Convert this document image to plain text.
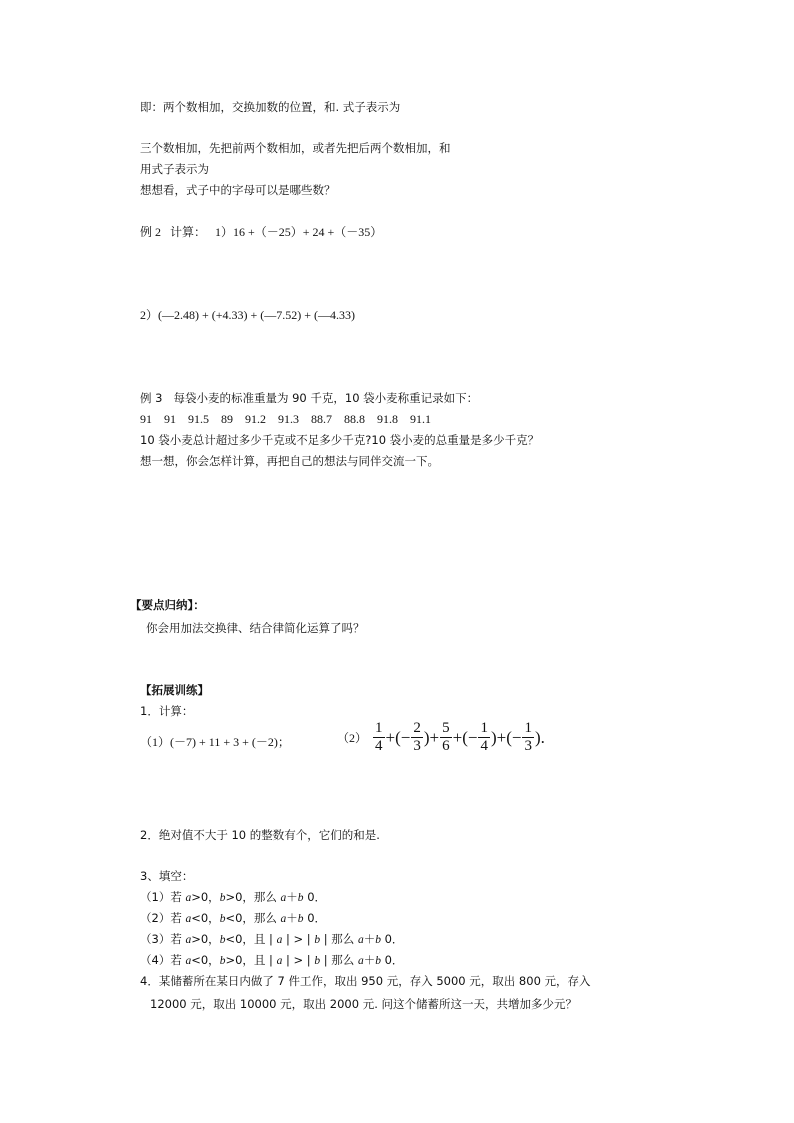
即：两个数相加，交换加数的位置，和. 式子表示为
三个数相加，先把前两个数相加，或者先把后两个数相加，和
用式子表示为
想想看，式子中的字母可以是哪些数？
例 2   计算：   1）16 +（－25）+ 24 +（－35）
2）(—2.48) + (+4.33) + (—7.52) + (—4.33)
例 3   每袋小麦的标准重量为 90 千克，10 袋小麦称重记录如下：
91    91    91.5    89    91.2    91.3    88.7    88.8    91.8    91.1
10 袋小麦总计超过多少千克或不足多少千克?10 袋小麦的总重量是多少千克？
想一想，你会怎样计算，再把自己的想法与同伴交流一下。
【要点归纳】：
你会用加法交换律、结合律简化运算了吗？
【拓展训练】
1．计算：
（1）(－7) + 11 + 3 + (－2)；	$(2) \frac{1}{4}$ +(− $\frac{2}{3}$ )+ $\frac{5}{6}$ +(− $\frac{1}{4}$ )+(− $\frac{1}{3}$ ).
2．绝对值不大于 10 的整数有个，它们的和是.
3、填空：
（1）若 a>0，b>0，那么 a＋b 0．
（2）若 a<0，b<0，那么 a＋b 0．
（3）若 a>0，b<0，且 | a | > | b | 那么 a＋b 0．
（4）若 a<0，b>0，且 | a | > | b | 那么 a＋b 0．
4．某储蓄所在某日内做了 7 件工作，取出 950 元，存入 5000 元，取出 800 元，存入
12000 元，取出 10000 元，取出 2000 元. 问这个储蓄所这一天，共增加多少元？
